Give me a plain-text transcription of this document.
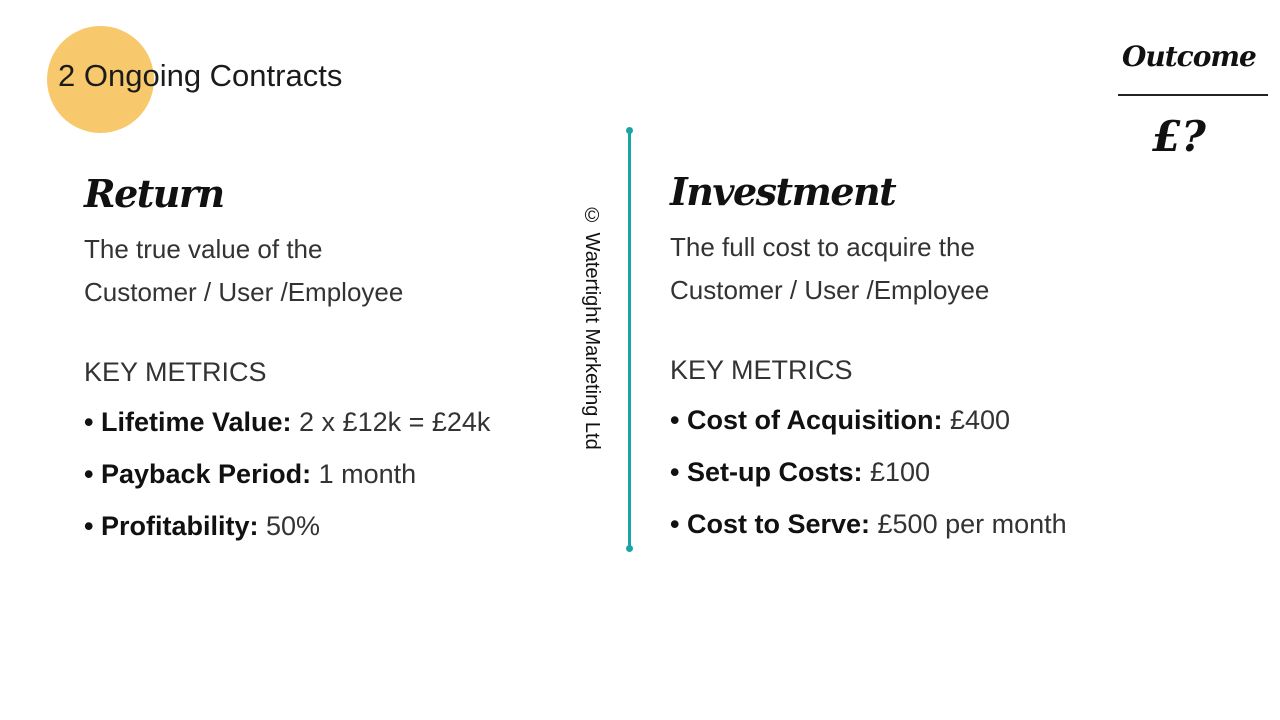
2 Ongoing Contracts
Outcome
£?
© Watertight Marketing Ltd
Return

The true value of the

Customer / User /Employee

KEY METRICS
• Lifetime Value: 2 x £12k = £24k
• Payback Period: 1 month
• Profitability: 50%
Investment

The full cost to acquire the

Customer / User /Employee

KEY METRICS
• Cost of Acquisition: £400
• Set-up Costs: £100
• Cost to Serve: £500 per month
